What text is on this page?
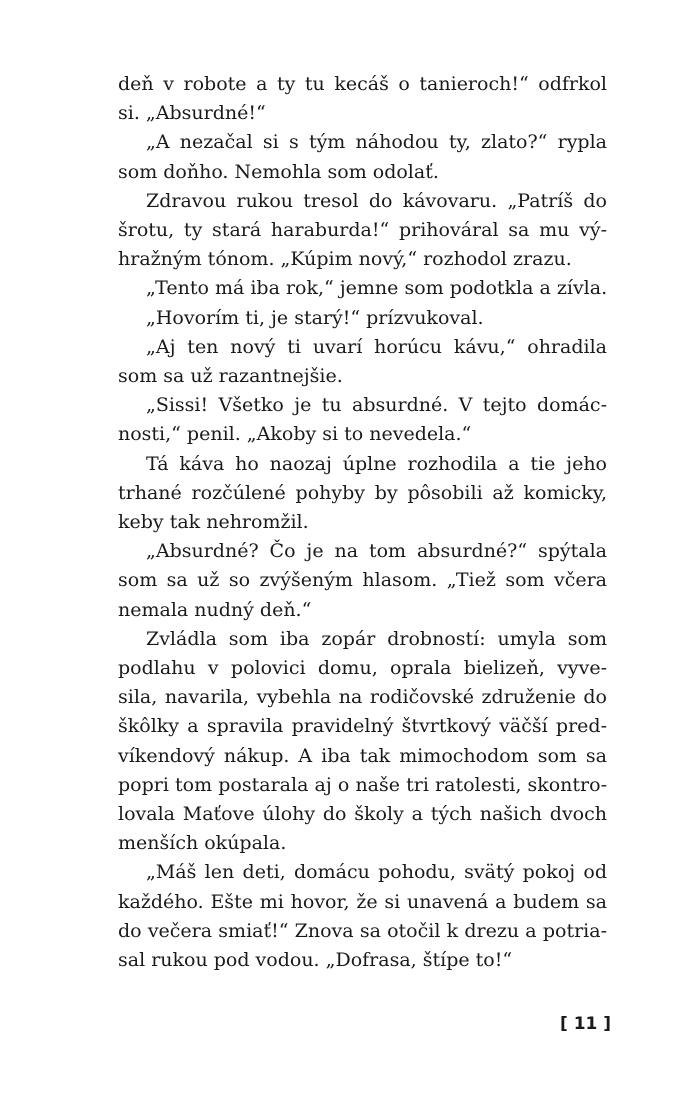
deň v robote a ty tu kecáš o tanieroch!“ odfrkol
si. „Absurdné!“

„A nezačal si s tým náhodou ty, zlato?“ rypla
som doňho. Nemohla som odolať.

Zdravou rukou tresol do kávovaru. „Patríš do
šrotu, ty stará haraburda!“ prihováral sa mu vý-
hražným tónom. „Kúpim nový,“ rozhodol zrazu.

„Tento má iba rok,“ jemne som podotkla a zívla.

„Hovorím ti, je starý!“ prízvukoval.

„Aj ten nový ti uvarí horúcu kávu,“ ohradila
som sa už razantnejšie.

„Sissi! Všetko je tu absurdné. V tejto domác-
nosti,“ penil. „Akoby si to nevedela.“

Tá káva ho naozaj úplne rozhodila a tie jeho
trhané rozčúlené pohyby by pôsobili až komicky,
keby tak nehromžil.

„Absurdné? Čo je na tom absurdné?“ spýtala
som sa už so zvýšeným hlasom. „Tiež som včera
nemala nudný deň.“

Zvládla som iba zopár drobností: umyla som
podlahu v polovici domu, oprala bielizeň, vyve-
sila, navarila, vybehla na rodičovské združenie do
škôlky a spravila pravidelný štvrtkový väčší pred-
víkendový nákup. A iba tak mimochodom som sa
popri tom postarala aj o naše tri ratolesti, skontro-
lovala Maťove úlohy do školy a tých našich dvoch
menších okúpala.

„Máš len deti, domácu pohodu, svätý pokoj od
každého. Ešte mi hovor, že si unavená a budem sa
do večera smiať!“ Znova sa otočil k drezu a potria-
sal rukou pod vodou. „Dofrasa, štípe to!“

[ 11 ]
